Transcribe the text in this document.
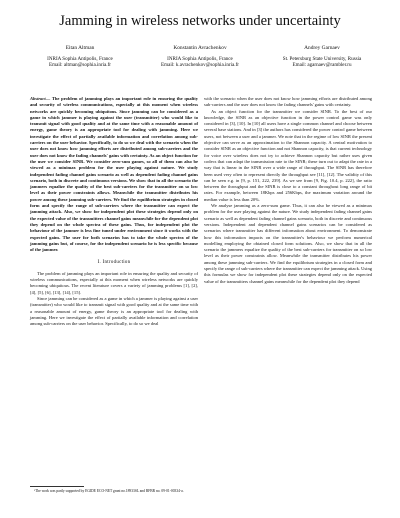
Jamming in wireless networks under uncertainty
Eitan Altman
INRIA Sophia Antipolis, France
Email: altman@sophia.inria.fr
Konstantin Avrachenkov
INRIA Sophia Antipolis, France
Email: k.avrachenkov@sophia.inria.fr
Andrey Garnaev
St. Petersburg State University, Russia
Email: agarnaev@rambler.ru
Abstract— The problem of jamming plays an important role in ensuring the quality and security of wireless communications, especially at this moment when wireless networks are quickly becoming ubiquitous. Since jamming can be considered as a game in which jammer is playing against the user (transmitter) who would like to transmit signal with good quality and at the same time with a reasonable amount of energy, game theory is an appropriate tool for dealing with jamming. Here we investigate the effect of partially available information and correlation among sub-carriers on the user behavior. Specifically, to do so we deal with the scenario when the user does not know how jamming efforts are distributed among sub-carriers and the user does not know the fading channels' gains with certainty. As an object function for the user we consider SINR. We consider zero-sum games, so all of them can also be viewed as a minimax problem for the user playing against nature. We study independent fading channel gains scenario as well as dependent fading channel gains scenario, both in discrete and continuous versions. We show that in all the scenario the jammers equalize the quality of the best sub-carriers for the transmitter on so low level as their power constraints allows. Meanwhile the transmitter distributes his power among these jamming sub-carriers. We find the equilibrium strategies in closed form and specify the range of sub-carriers where the transmitter can expect the jamming attack. Also, we show for independent plot these strategies depend only on the expected value of the transmitters channel gains meanwhile for the dependent plot they depend on the whole spectra of these gains. Thus, for independent plot the behaviour of the jammer is less fine tuned under environment since it works with the expected gains. The user for both scenarios has to take the whole spectra of the jamming gains but, of course, for the independent scenario he is less specific because of the jammer.
I. Introduction

The problem of jamming plays an important role in ensuring the quality and security of wireless communications, especially at this moment when wireless networks are quickly becoming ubiquitous. The recent literature covers a variety of jamming problems [1], [2], [4], [5], [6], [13], [14], [15].

Since jamming can be considered as a game in which a jammer is playing against a user (transmitter) who would like to transmit signal with good quality and at the same time with a reasonable amount of energy, game theory is an appropriate tool for dealing with jamming. Here we investigate the effect of partially available information and correlation among sub-carriers on the user behavior. Specifically, to do so we deal

with the scenario when the user does not know how jamming efforts are distributed among sub-carriers and the user does not know the fading channels' gains with certainty.

As an object function for the transmitter we consider SINR. To the best of our knowledge, the SINR as an objective function in the power control game was only considered in [3], [10]. In [10] all users have a single common channel and choose between several base stations. And in [3] the authors has considered the power control game between users, not between a user and a jammer. We note that in the regime of low SINR the present objective can serve as an approximation to the Shannon capacity. A central motivation to consider SINR as an objective function and not Shannon capacity, is that current technology for voice over wireless does not try to achieve Shannon capacity but rather uses given codecs that can adapt the transmission rate to the SINR; these turn out to adapt the rate in a way that is linear in the SINR over a wide range of throughput. The SINR has therefore been used very often to represent directly the throughput see [11], [12]. The validity of this can be seen e.g. in [9, p. 151, 222, 239]. As we see from [9, Fig. 10.4, p. 222], the ratio between the throughput and the SINR is close to a constant throughout long range of bit rates. For example, between 18Kbps and 256Kbps, the maximum variation around the median value is less than 20%.

We analyse jamming as a zero-sum game. Thus, it can also be viewed as a minimax problem for the user playing against the nature. We study independent fading channel gains scenario as well as dependent fading channel gains scenario, both in discrete and continuous versions. Independent and dependent channel gains scenarios can be considered as scenarios where transmitter has different information about environment. To demonstrate how this information impacts on the transmitter's behaviour we perform numerical modelling employing the obtained closed form solutions. Also, we show that in all the scenario the jammers equalize the quality of the best sub-carriers for transmitter on so low level as their power constraints allow. Meanwhile the transmitter distributes his power among these jamming sub-carriers. We find the equilibrium strategies in a closed form and specify the range of sub-carriers where the transmitter can expect the jamming attack. Using this formulas we show for independent plot these strategies depend only on the expected value of the transmitters channel gains meanwhile for the dependent plot they depend

¹The work was partly supported by EGIDE ECO-NET grant no.18933SL and RFBR no. 09-01-00334-a.
